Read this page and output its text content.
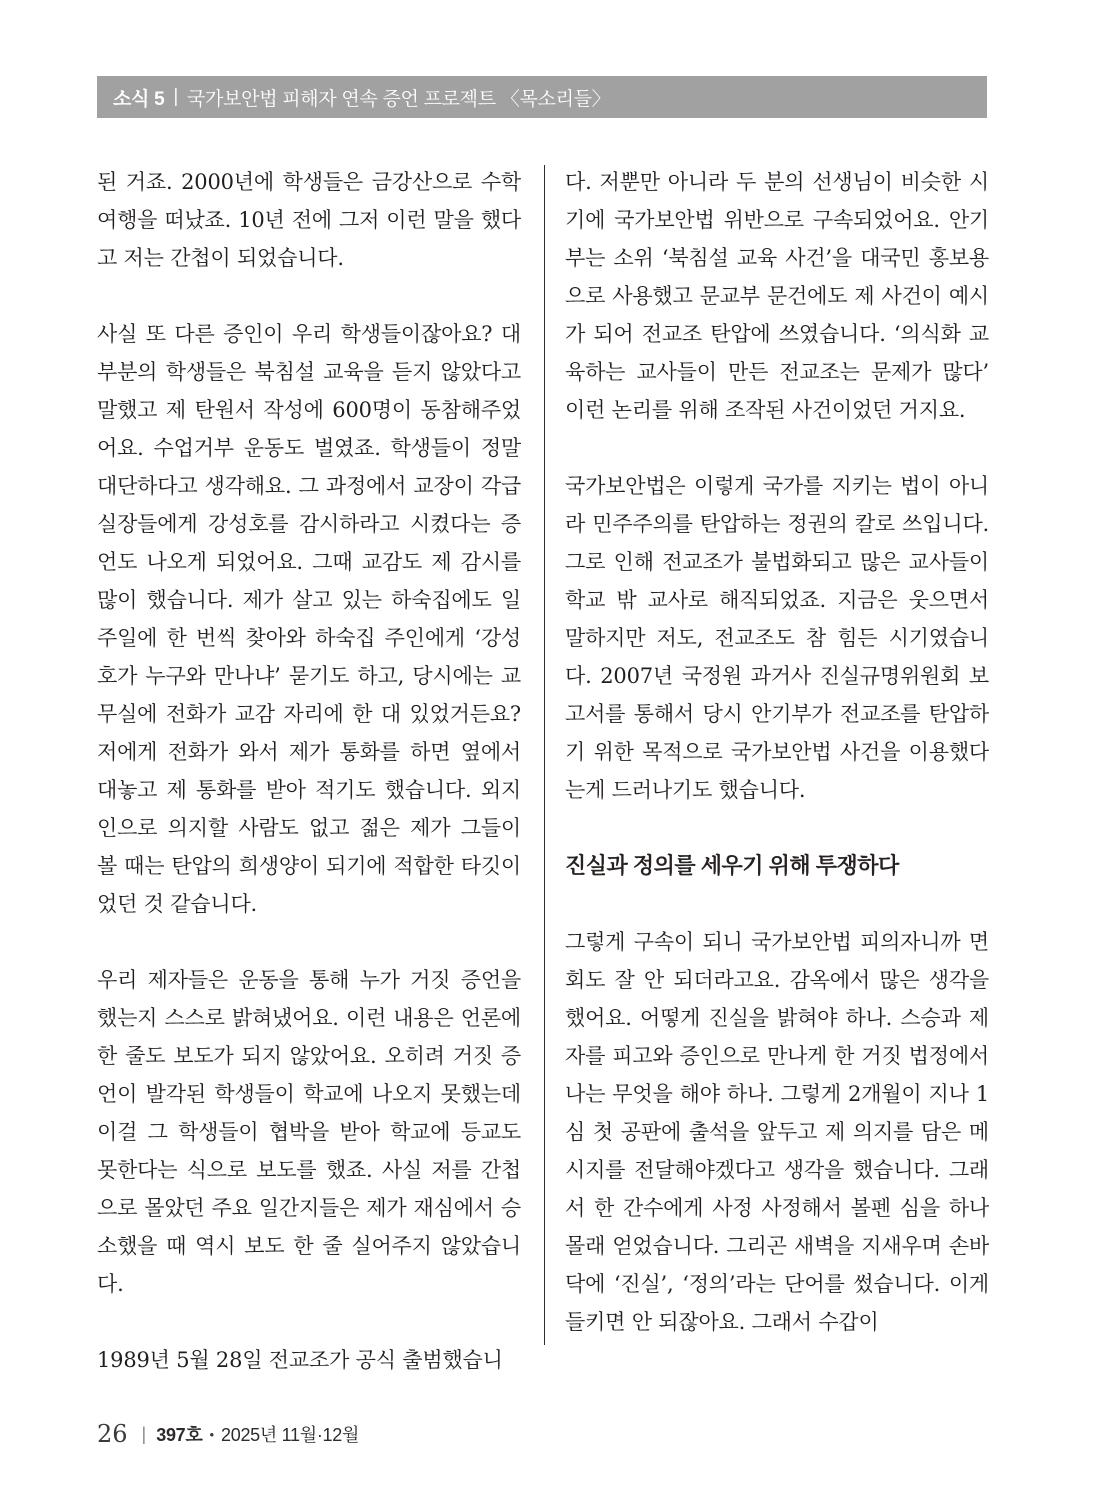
소식 5 | 국가보안법 피해자 연속 증언 프로젝트 〈목소리들〉

된 거죠. 2000년에 학생들은 금강산으로 수학 여행을 떠났죠. 10년 전에 그저 이런 말을 했다고 저는 간첩이 되었습니다.

사실 또 다른 증인이 우리 학생들이잖아요? 대부분의 학생들은 북침설 교육을 듣지 않았다고 말했고 제 탄원서 작성에 600명이 동참해주었어요. 수업거부 운동도 벌였죠. 학생들이 정말 대단하다고 생각해요. 그 과정에서 교장이 각급 실장들에게 강성호를 감시하라고 시켰다는 증언도 나오게 되었어요. 그때 교감도 제 감시를 많이 했습니다. 제가 살고 있는 하숙집에도 일주일에 한 번씩 찾아와 하숙집 주인에게 ‘강성호가 누구와 만나냐’ 묻기도 하고, 당시에는 교무실에 전화가 교감 자리에 한 대 있었거든요? 저에게 전화가 와서 제가 통화를 하면 옆에서 대놓고 제 통화를 받아 적기도 했습니다. 외지인으로 의지할 사람도 없고 젊은 제가 그들이 볼 때는 탄압의 희생양이 되기에 적합한 타깃이었던 것 같습니다.

우리 제자들은 운동을 통해 누가 거짓 증언을 했는지 스스로 밝혀냈어요. 이런 내용은 언론에 한 줄도 보도가 되지 않았어요. 오히려 거짓 증언이 발각된 학생들이 학교에 나오지 못했는데 이걸 그 학생들이 협박을 받아 학교에 등교도 못한다는 식으로 보도를 했죠. 사실 저를 간첩으로 몰았던 주요 일간지들은 제가 재심에서 승소했을 때 역시 보도 한 줄 실어주지 않았습니다.

1989년 5월 28일 전교조가 공식 출범했습니

다. 저뿐만 아니라 두 분의 선생님이 비슷한 시기에 국가보안법 위반으로 구속되었어요. 안기부는 소위 ‘북침설 교육 사건’을 대국민 홍보용으로 사용했고 문교부 문건에도 제 사건이 예시가 되어 전교조 탄압에 쓰였습니다. ‘의식화 교육하는 교사들이 만든 전교조는 문제가 많다’ 이런 논리를 위해 조작된 사건이었던 거지요.

국가보안법은 이렇게 국가를 지키는 법이 아니라 민주주의를 탄압하는 정권의 칼로 쓰입니다. 그로 인해 전교조가 불법화되고 많은 교사들이 학교 밖 교사로 해직되었죠. 지금은 웃으면서 말하지만 저도, 전교조도 참 힘든 시기였습니다. 2007년 국정원 과거사 진실규명위원회 보고서를 통해서 당시 안기부가 전교조를 탄압하기 위한 목적으로 국가보안법 사건을 이용했다는게 드러나기도 했습니다.

진실과 정의를 세우기 위해 투쟁하다

그렇게 구속이 되니 국가보안법 피의자니까 면회도 잘 안 되더라고요. 감옥에서 많은 생각을 했어요. 어떻게 진실을 밝혀야 하나. 스승과 제자를 피고와 증인으로 만나게 한 거짓 법정에서 나는 무엇을 해야 하나. 그렇게 2개월이 지나 1심 첫 공판에 출석을 앞두고 제 의지를 담은 메시지를 전달해야겠다고 생각을 했습니다. 그래서 한 간수에게 사정 사정해서 볼펜 심을 하나 몰래 얻었습니다. 그리곤 새벽을 지새우며 손바닥에 ‘진실’, ‘정의’라는 단어를 썼습니다. 이게 들키면 안 되잖아요. 그래서 수갑이

26 | 397호 • 2025년 11월·12월
